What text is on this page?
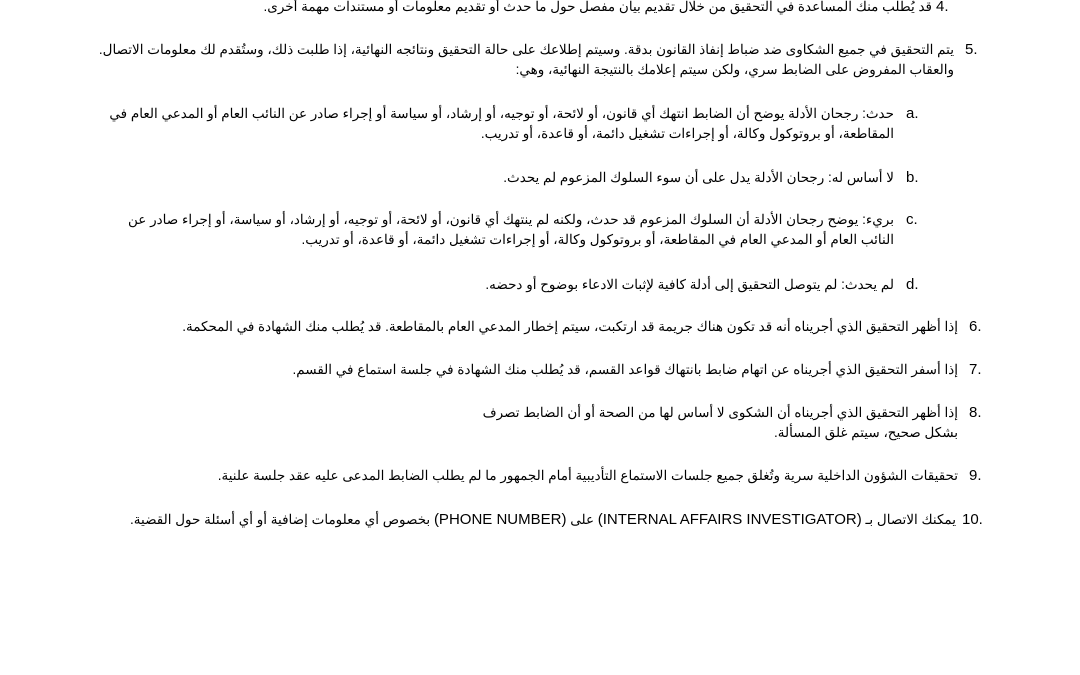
4.
قد يُطلب منك المساعدة في التحقيق من خلال تقديم بيان مفصل حول ما حدث أو تقديم معلومات أو مستندات مهمة أخرى.
5.
يتم التحقيق في جميع الشكاوى ضد ضباط إنفاذ القانون بدقة. وسيتم إطلاعك على حالة التحقيق ونتائجه النهائية، إذا طلبت ذلك، وستُقدم لك معلومات الاتصال. والعقاب المفروض على الضابط سري، ولكن سيتم إعلامك بالنتيجة النهائية، وهي:
a.
حدث: رجحان الأدلة يوضح أن الضابط انتهك أي قانون، أو لائحة، أو توجيه، أو إرشاد، أو سياسة أو إجراء صادر عن النائب العام أو المدعي العام في المقاطعة، أو بروتوكول وكالة، أو إجراءات تشغيل دائمة، أو قاعدة، أو تدريب.
b.
لا أساس له: رجحان الأدلة يدل على أن سوء السلوك المزعوم لم يحدث.
c.
بريء: يوضح رجحان الأدلة أن السلوك المزعوم قد حدث، ولكنه لم ينتهك أي قانون، أو لائحة، أو توجيه، أو إرشاد، أو سياسة، أو إجراء صادر عن النائب العام أو المدعي العام في المقاطعة، أو بروتوكول وكالة، أو إجراءات تشغيل دائمة، أو قاعدة، أو تدريب.
d.
لم يحدث: لم يتوصل التحقيق إلى أدلة كافية لإثبات الادعاء بوضوح أو دحضه.
6.
إذا أظهر التحقيق الذي أجريناه أنه قد تكون هناك جريمة قد ارتكبت، سيتم إخطار المدعي العام بالمقاطعة. قد يُطلب منك الشهادة في المحكمة.
7.
إذا أسفر التحقيق الذي أجريناه عن اتهام ضابط بانتهاك قواعد القسم، قد يُطلب منك الشهادة في جلسة استماع في القسم.
8.
إذا أظهر التحقيق الذي أجريناه أن الشكوى لا أساس لها من الصحة أو أن الضابط تصرف
بشكل صحيح، سيتم غلق المسألة.
9.
تحقيقات الشؤون الداخلية سرية وتُغلق جميع جلسات الاستماع التأديبية أمام الجمهور ما لم يطلب الضابط المدعى عليه عقد جلسة علنية.
10.
يمكنك الاتصال بـ (INTERNAL AFFAIRS INVESTIGATOR) على (PHONE NUMBER) بخصوص أي معلومات إضافية أو أي أسئلة حول القضية.
